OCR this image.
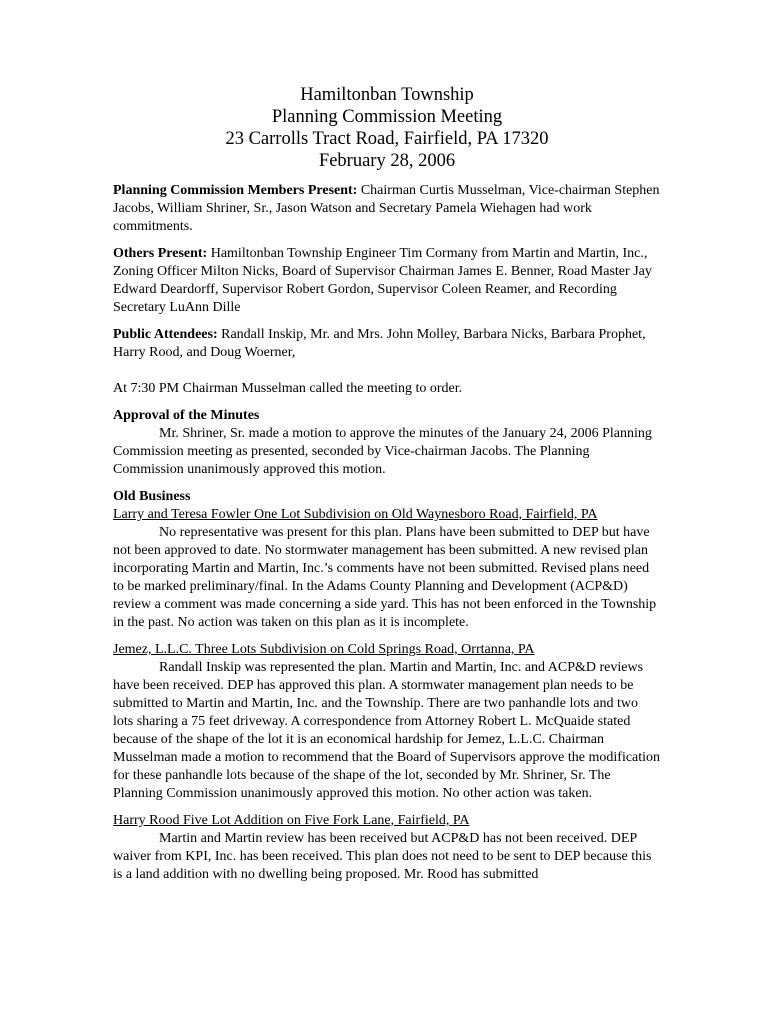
Hamiltonban Township
Planning Commission Meeting
23 Carrolls Tract Road, Fairfield, PA 17320
February 28, 2006

Planning Commission Members Present: Chairman Curtis Musselman, Vice-chairman Stephen Jacobs, William Shriner, Sr., Jason Watson and Secretary Pamela Wiehagen had work commitments.

Others Present: Hamiltonban Township Engineer Tim Cormany from Martin and Martin, Inc., Zoning Officer Milton Nicks, Board of Supervisor Chairman James E. Benner, Road Master Jay Edward Deardorff, Supervisor Robert Gordon, Supervisor Coleen Reamer, and Recording Secretary LuAnn Dille

Public Attendees: Randall Inskip, Mr. and Mrs. John Molley, Barbara Nicks, Barbara Prophet, Harry Rood, and Doug Woerner,

At 7:30 PM Chairman Musselman called the meeting to order.

Approval of the Minutes

Mr. Shriner, Sr. made a motion to approve the minutes of the January 24, 2006 Planning Commission meeting as presented, seconded by Vice-chairman Jacobs. The Planning Commission unanimously approved this motion.

Old Business

Larry and Teresa Fowler One Lot Subdivision on Old Waynesboro Road, Fairfield, PA

No representative was present for this plan. Plans have been submitted to DEP but have not been approved to date. No stormwater management has been submitted. A new revised plan incorporating Martin and Martin, Inc.’s comments have not been submitted. Revised plans need to be marked preliminary/final. In the Adams County Planning and Development (ACP&D) review a comment was made concerning a side yard. This has not been enforced in the Township in the past. No action was taken on this plan as it is incomplete.

Jemez, L.L.C. Three Lots Subdivision on Cold Springs Road, Orrtanna, PA

Randall Inskip was represented the plan. Martin and Martin, Inc. and ACP&D reviews have been received. DEP has approved this plan. A stormwater management plan needs to be submitted to Martin and Martin, Inc. and the Township. There are two panhandle lots and two lots sharing a 75 feet driveway. A correspondence from Attorney Robert L. McQuaide stated because of the shape of the lot it is an economical hardship for Jemez, L.L.C. Chairman Musselman made a motion to recommend that the Board of Supervisors approve the modification for these panhandle lots because of the shape of the lot, seconded by Mr. Shriner, Sr. The Planning Commission unanimously approved this motion. No other action was taken.

Harry Rood Five Lot Addition on Five Fork Lane, Fairfield, PA

Martin and Martin review has been received but ACP&D has not been received. DEP waiver from KPI, Inc. has been received. This plan does not need to be sent to DEP because this is a land addition with no dwelling being proposed. Mr. Rood has submitted
